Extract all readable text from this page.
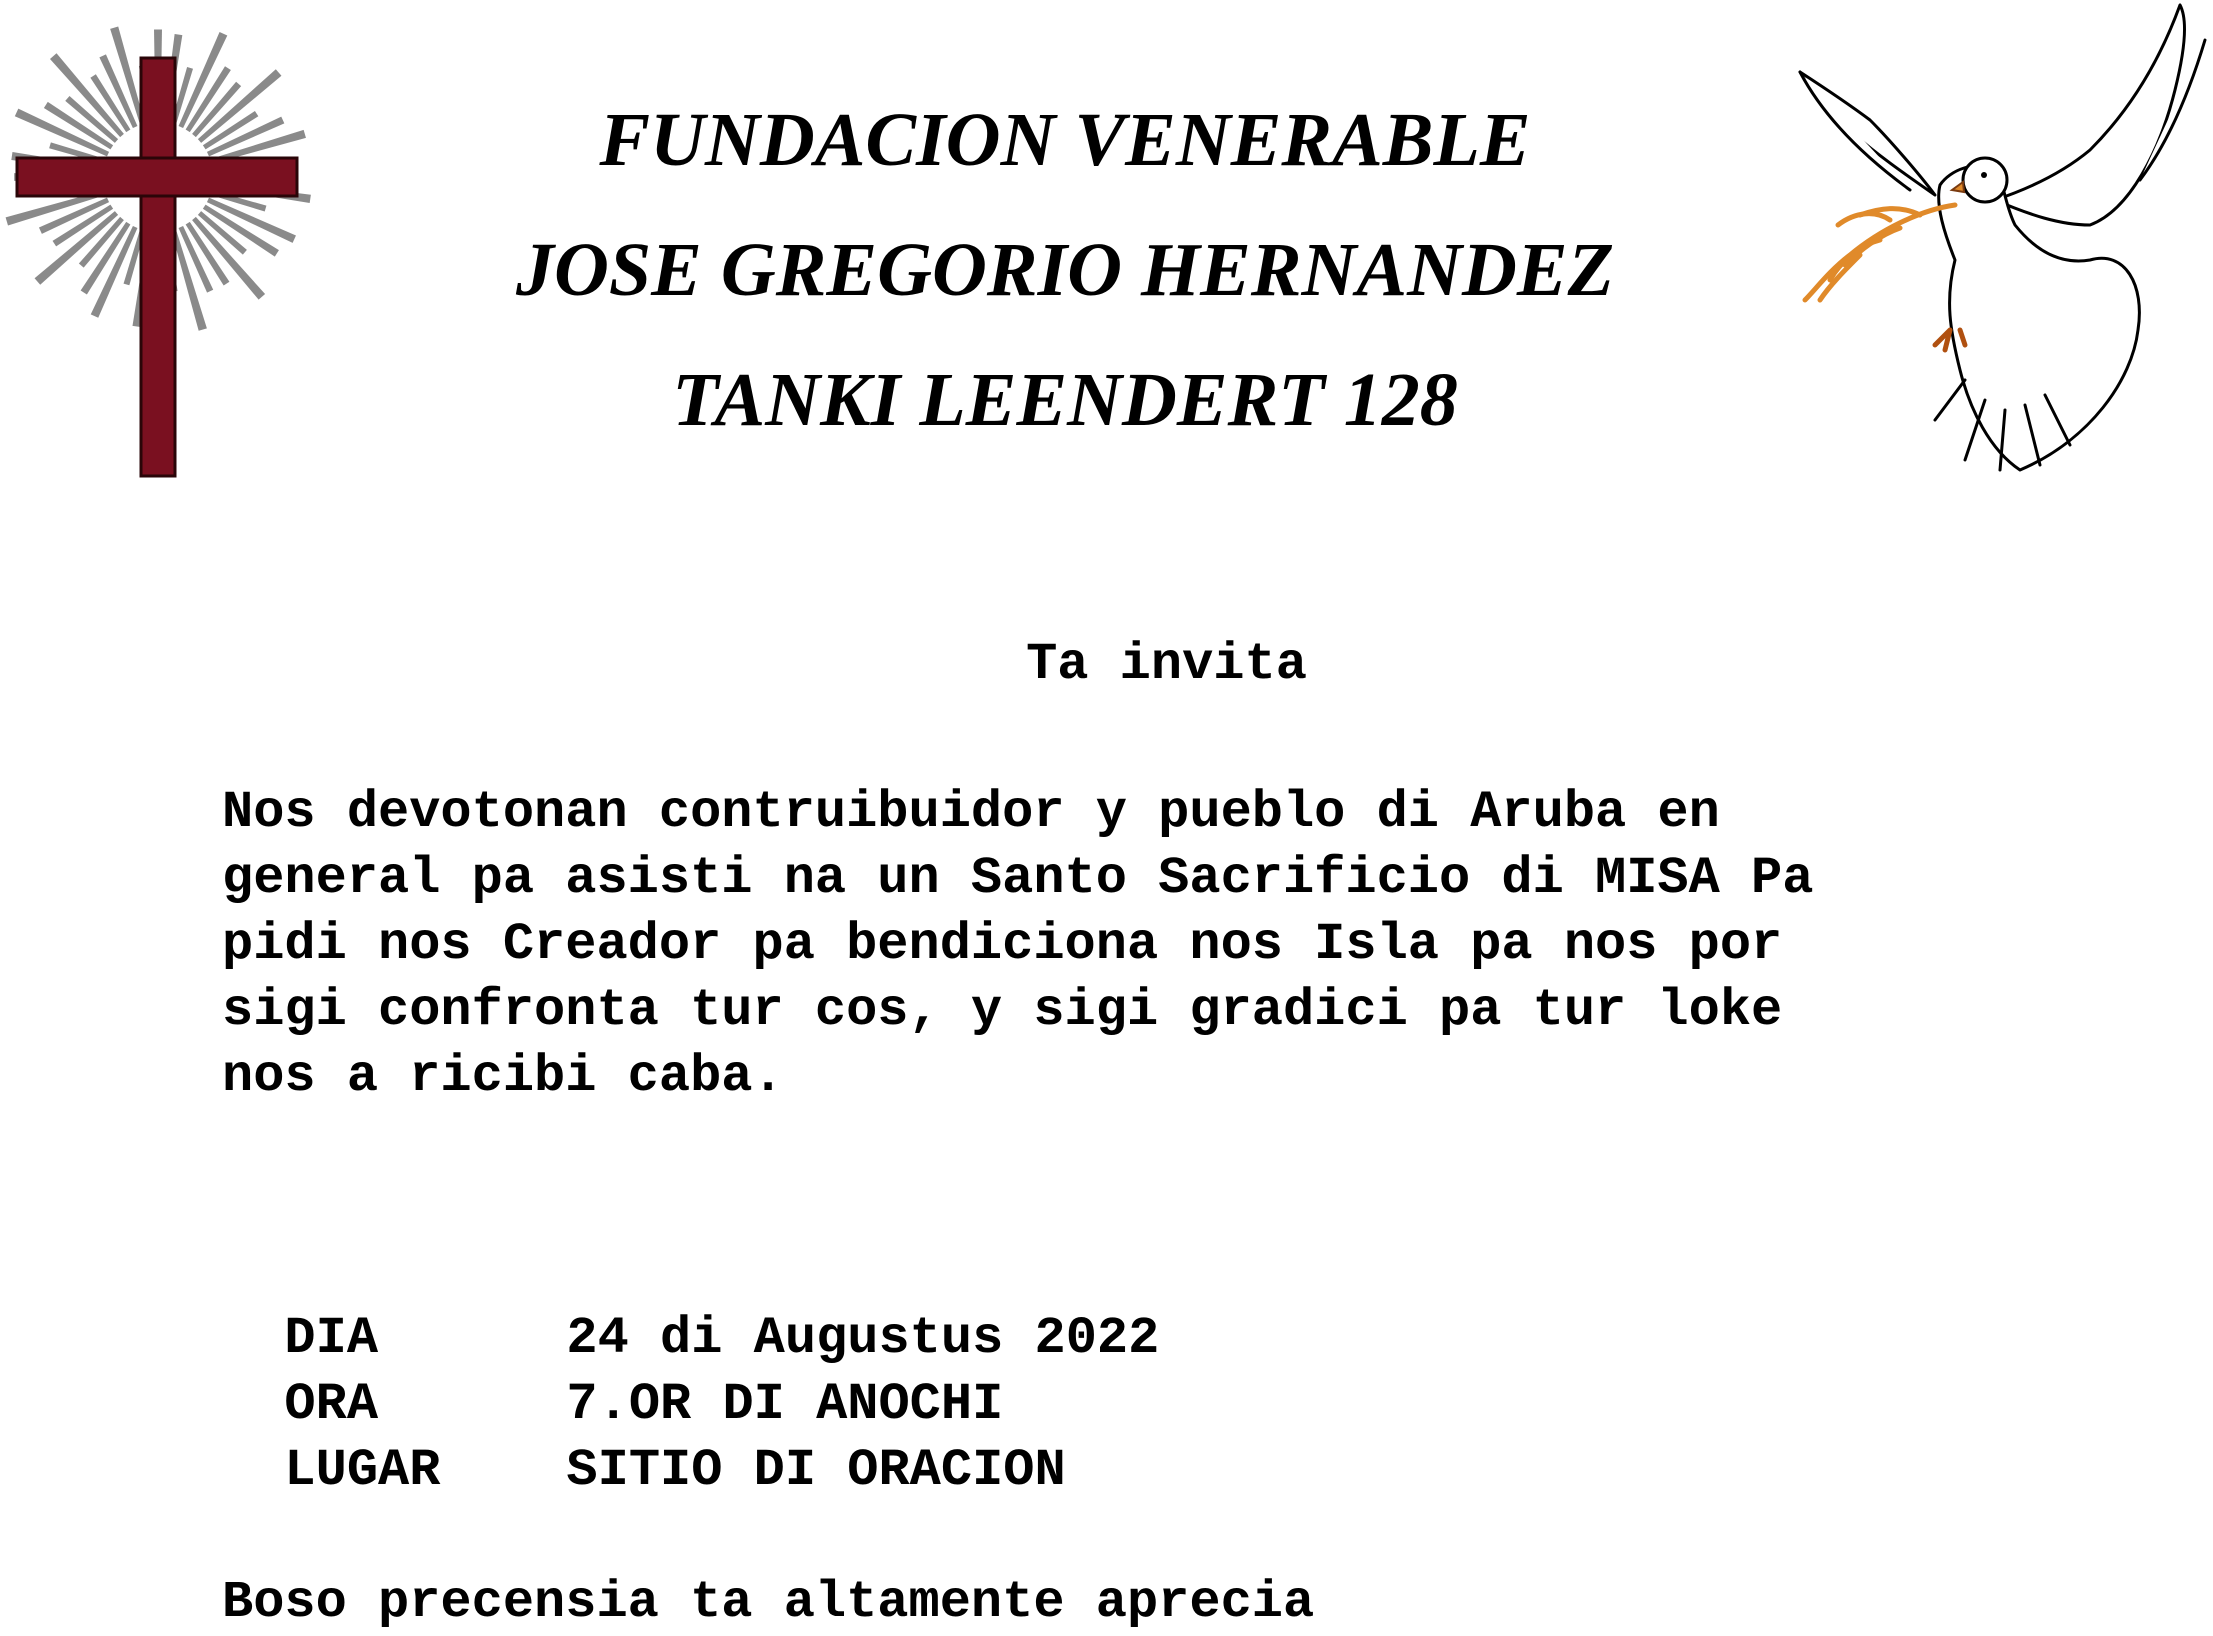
FUNDACION VENERABLE
JOSE GREGORIO HERNANDEZ
TANKI LEENDERT 128
Ta invita
Nos devotonan contruibuidor y pueblo di Aruba en
general pa asisti na un Santo Sacrificio di MISA Pa
pidi nos Creador pa bendiciona nos Isla pa nos por
sigi confronta tur cos, y sigi gradici pa tur loke
nos a ricibi caba.

DIA	24 di Augustus 2022

ORA	7.OR DI ANOCHI

LUGAR SITIO DI ORACION

Boso precensia ta altamente aprecia
